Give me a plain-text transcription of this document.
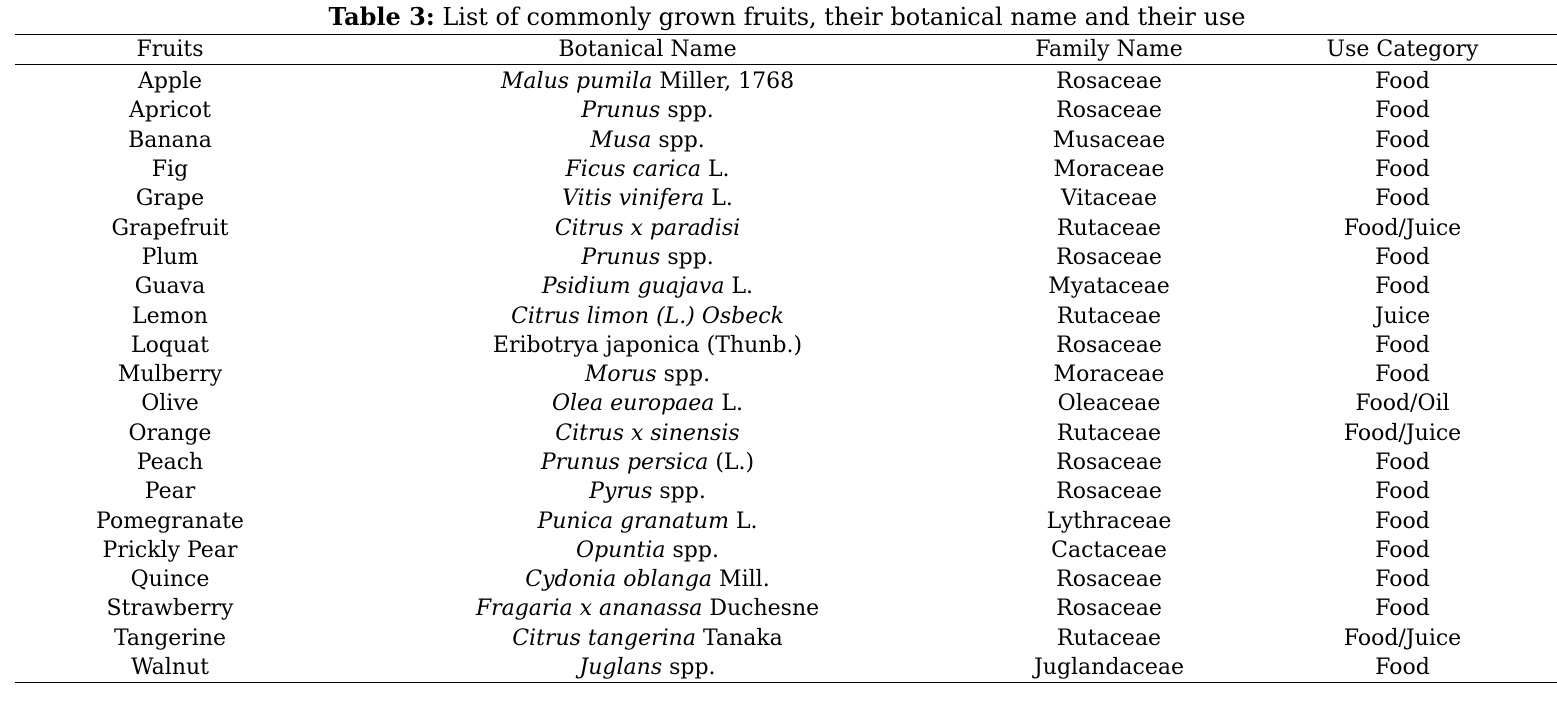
Table 3: List of commonly grown fruits, their botanical name and their use
Fruits	Botanical Name	Family Name	Use Category
Apple	Malus pumila Miller, 1768	Rosaceae	Food
Apricot	Prunus spp.	Rosaceae	Food
Banana	Musa spp.	Musaceae	Food
Fig	Ficus carica L.	Moraceae	Food
Grape	Vitis vinifera L.	Vitaceae	Food
Grapefruit	Citrus x paradisi	Rutaceae	Food/Juice
Plum	Prunus spp.	Rosaceae	Food
Guava	Psidium guajava L.	Myataceae	Food
Lemon	Citrus limon (L.) Osbeck	Rutaceae	Juice
Loquat	Eribotrya japonica (Thunb.)	Rosaceae	Food
Mulberry	Morus spp.	Moraceae	Food
Olive	Olea europaea L.	Oleaceae	Food/Oil
Orange	Citrus x sinensis	Rutaceae	Food/Juice
Peach	Prunus persica (L.)	Rosaceae	Food
Pear	Pyrus spp.	Rosaceae	Food
Pomegranate	Punica granatum L.	Lythraceae	Food
Prickly Pear	Opuntia spp.	Cactaceae	Food
Quince	Cydonia oblanga Mill.	Rosaceae	Food
Strawberry	Fragaria x ananassa Duchesne	Rosaceae	Food
Tangerine	Citrus tangerina Tanaka	Rutaceae	Food/Juice
Walnut	Juglans spp.	Juglandaceae	Food
